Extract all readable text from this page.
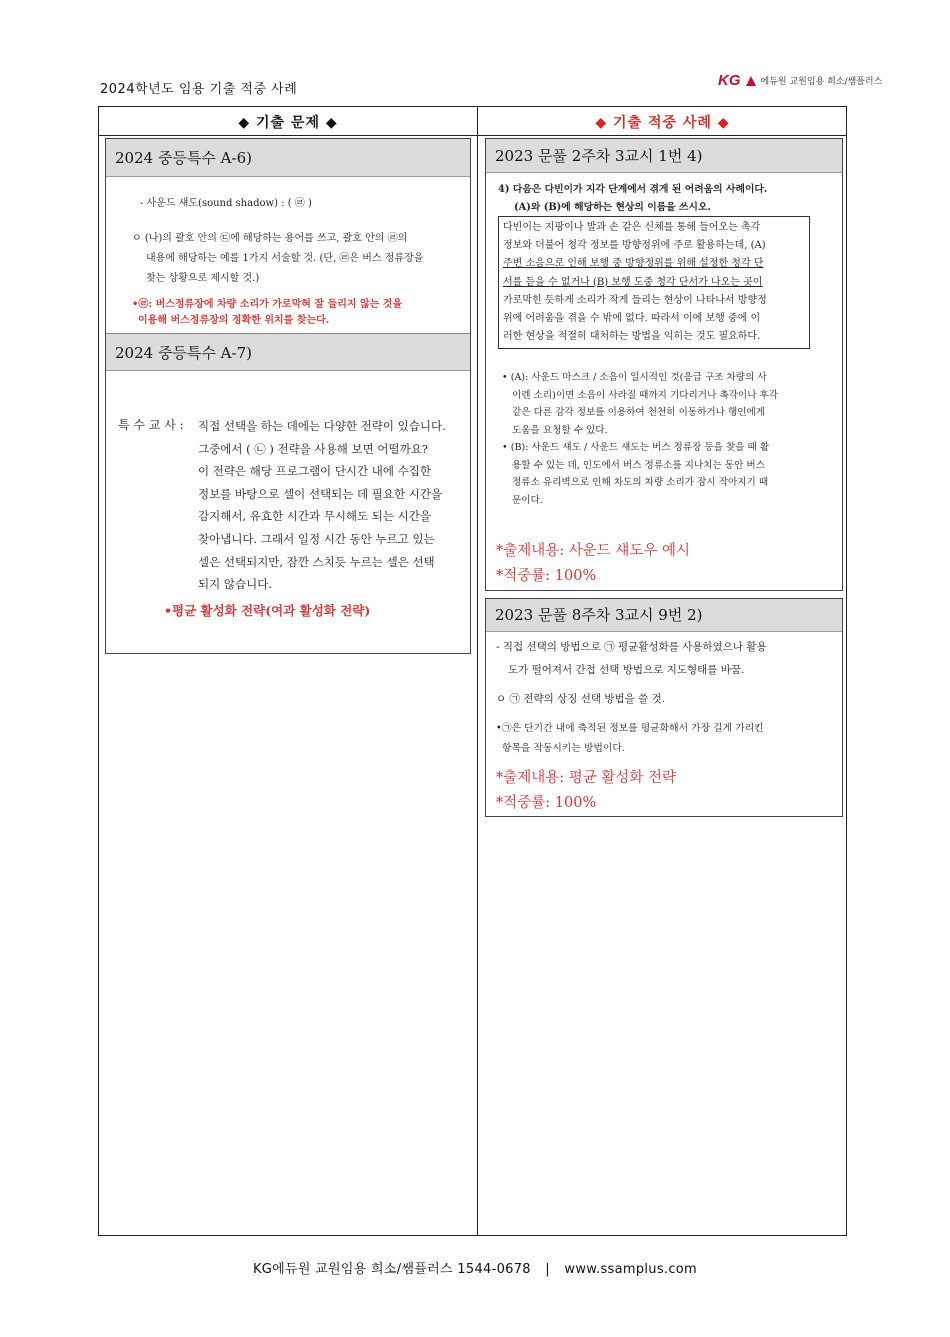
2024학년도 임용 기출 적중 사례
KG 에듀원 교원임용 희소/쌤플러스
◆ 기출 문제 ◆	◆ 기출 적중 사례 ◆
2024 중등특수 A-6)
- 사운드 섀도(sound shadow) : ( ㉣ )
ㅇ (나)의 괄호 안의 ㉢에 해당하는 용어를 쓰고, 괄호 안의 ㉣의
내용에 해당하는 예를 1가지 서술할 것. (단, ㉣은 버스 정류장을
찾는 상황으로 제시할 것.)
•㉣: 버스정류장에 차량 소리가 가로막혀 잘 들리지 않는 것을
이용해 버스정류장의 정확한 위치를 찾는다.
2024 중등특수 A-7)
특 수 교 사 : 직접 선택을 하는 데에는 다양한 전략이 있습니다.
그중에서 ( ㉡ ) 전략을 사용해 보면 어떨까요?
이 전략은 해당 프로그램이 단시간 내에 수집한
정보를 바탕으로 셀이 선택되는 데 필요한 시간을
감지해서, 유효한 시간과 무시해도 되는 시간을
찾아냅니다. 그래서 일정 시간 동안 누르고 있는
셀은 선택되지만, 잠깐 스치듯 누르는 셀은 선택
되지 않습니다.
•평균 활성화 전략(여과 활성화 전략)
2023 문풀 2주차 3교시 1번 4)
4) 다음은 다빈이가 지각 단계에서 겪게 된 어려움의 사례이다.
(A)와 (B)에 해당하는 현상의 이름을 쓰시오.
다빈이는 지팡이나 발과 손 같은 신체를 통해 들어오는 촉각
정보와 더불어 청각 정보를 방향정위에 주로 활용하는데, (A)
주변 소음으로 인해 보행 중 방향정위를 위해 설정한 청각 단
서를 듣을 수 없거나 (B) 보행 도중 청각 단서가 나오는 곳이
가로막힌 듯하게 소리가 작게 들리는 현상이 나타나서 방향정
위에 어려움을 겪을 수 밖에 없다. 따라서 이에 보행 중에 이
러한 현상을 적절히 대처하는 방법을 익히는 것도 필요하다.
• (A): 사운드 마스크 / 소음이 일시적인 것(응급 구조 차량의 사
이렌 소리)이면 소음이 사라질 때까지 기다리거나 촉각이나 후각
같은 다른 감각 정보를 이용하여 천천히 이동하거나 행인에게
도움을 요청할 수 있다.
• (B): 사운드 섀도 / 사운드 섀도는 버스 정류장 등을 찾을 때 활
용할 수 있는 데, 인도에서 버스 정류소를 지나치는 동안 버스
정류소 유리벽으로 인해 차도의 차량 소리가 잠시 작아지기 때
문이다.
*출제내용: 사운드 섀도우 예시
*적중률: 100%
2023 문풀 8주차 3교시 9번 2)
- 직접 선택의 방법으로 ㉠ 평균활성화를 사용하였으나 활용
도가 떨어져서 간접 선택 방법으로 지도형태를 바꿈.
ㅇ ㉠ 전략의 상징 선택 방법을 쓸 것.
•㉠은 단기간 내에 축적된 정보를 평균화해서 가장 길게 가리킨
항목을 작동시키는 방법이다.
*출제내용: 평균 활성화 전략
*적중률: 100%
KG에듀원 교원임용 희소/쌤플러스 1544-0678 | www.ssamplus.com
